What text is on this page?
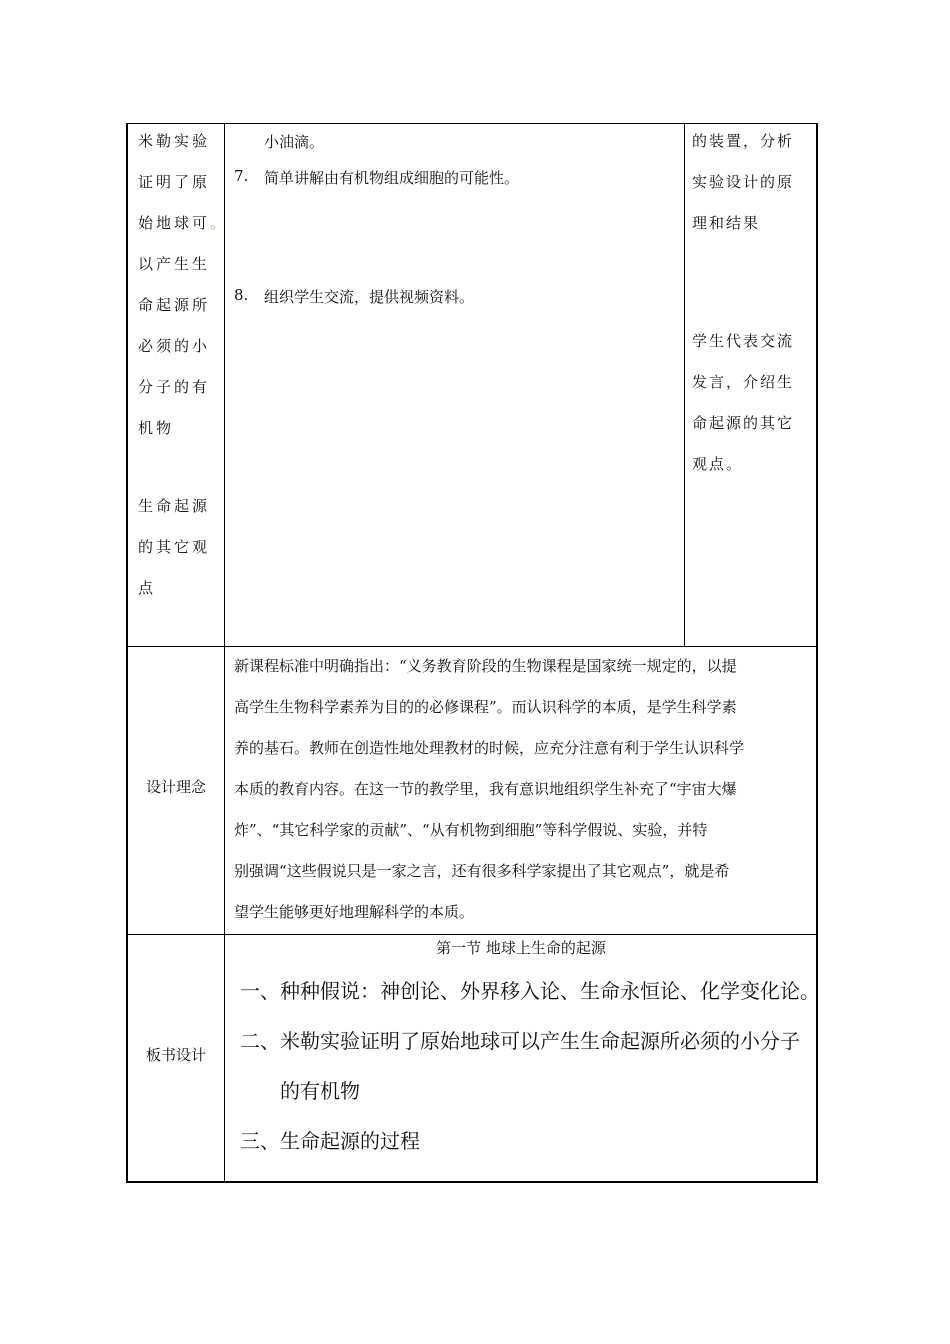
米勒实验
证明了原
始地球可。
以产生生
命起源所
必须的小
分子的有
机物
生命起源
的其它观
点

小油滴。

7. 简单讲解由有机物组成细胞的可能性。

8. 组织学生交流，提供视频资料。

的装置，分析
实验设计的原
理和结果
学生代表交流
发言，介绍生
命起源的其它
观点。
设计理念
新课程标准中明确指出：“义务教育阶段的生物课程是国家统一规定的，以提
高学生生物科学素养为目的的必修课程”。而认识科学的本质，是学生科学素
养的基石。教师在创造性地处理教材的时候，应充分注意有利于学生认识科学
本质的教育内容。在这一节的教学里，我有意识地组织学生补充了“宇宙大爆
炸”、“其它科学家的贡献”、“从有机物到细胞”等科学假说、实验，并特
别强调“这些假说只是一家之言，还有很多科学家提出了其它观点”，就是希
望学生能够更好地理解科学的本质。
板书设计
第一节 地球上生命的起源
一、种种假说：神创论、外界移入论、生命永恒论、化学变化论。
二、米勒实验证明了原始地球可以产生生命起源所必须的小分子
的有机物
三、生命起源的过程
